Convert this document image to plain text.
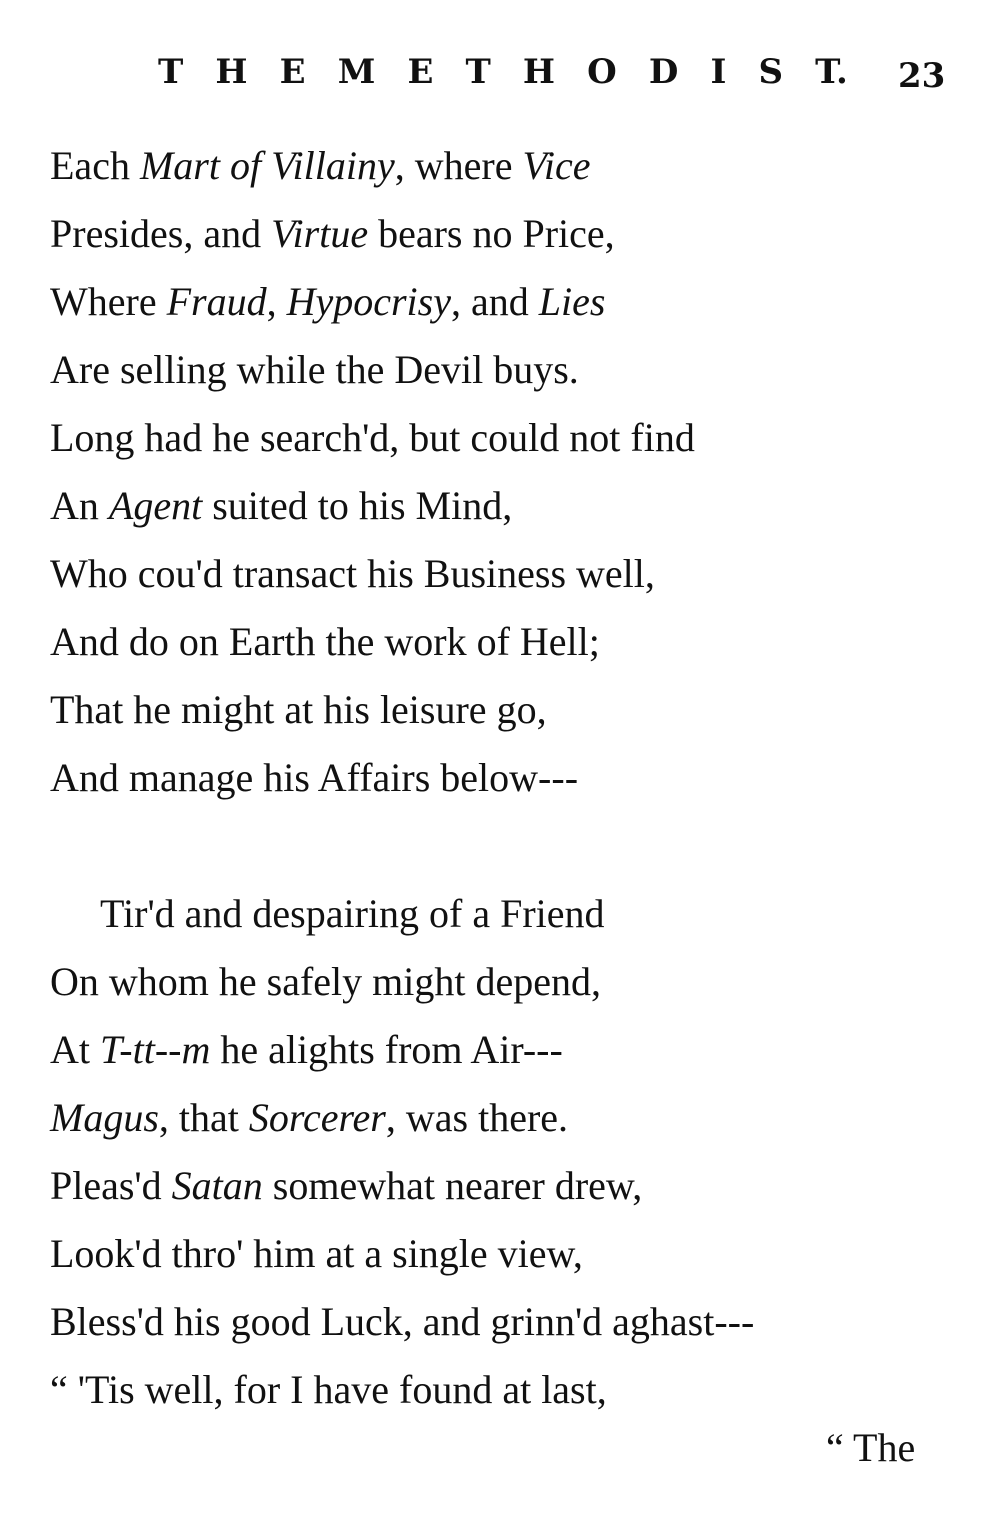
T H E M E T H O D I S T. 23
Each Mart of Villainy, where Vice
Presides, and Virtue bears no Price,
Where Fraud, Hypocrisy, and Lies
Are selling while the Devil buys.
Long had he search'd, but could not find
An Agent suited to his Mind,
Who cou'd transact his Business well,
And do on Earth the work of Hell;
That he might at his leisure go,
And manage his Affairs below---
Tir'd and despairing of a Friend
On whom he safely might depend,
At T-tt--m he alights from Air---
Magus, that Sorcerer, was there.
Pleas'd Satan somewhat nearer drew,
Look'd thro' him at a single view,
Bless'd his good Luck, and grinn'd aghast---
“ 'Tis well, for I have found at last,
“ The
